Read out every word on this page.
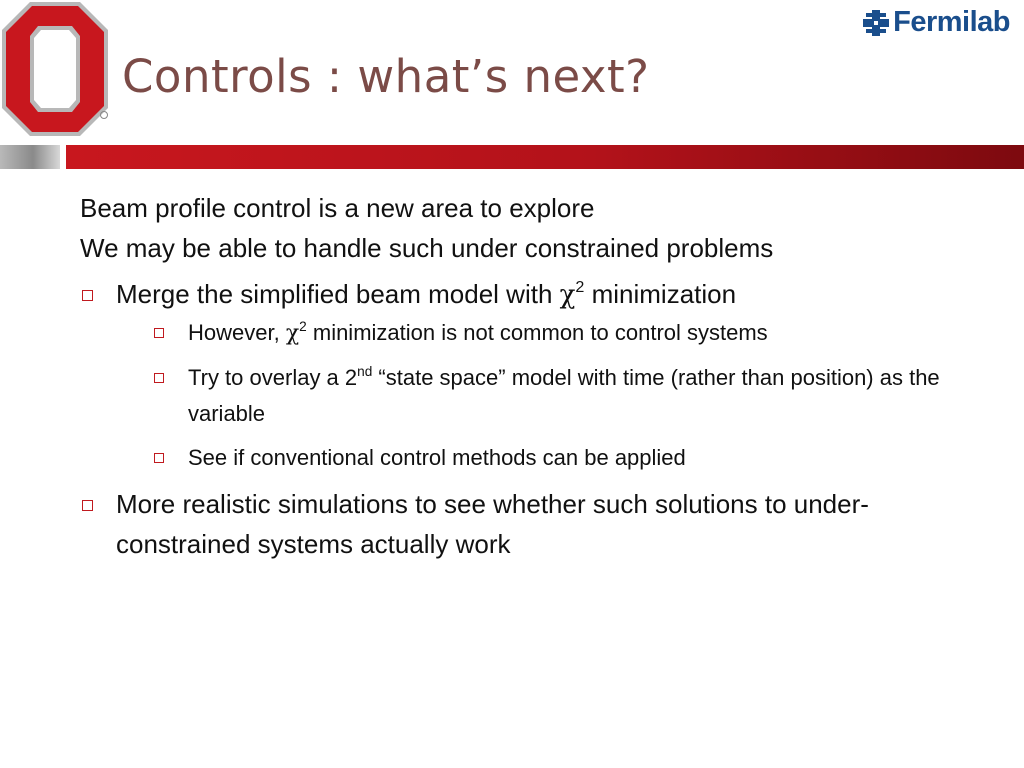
Fermilab
Controls : what’s next?

Beam profile control is a new area to explore

We may be able to handle such under constrained problems

Merge the simplified beam model with $\chi^2$ minimization
However, $\chi^2$ minimization is not common to control systems
Try to overlay a 2nd “state space” model with time (rather than position) as the variable
See if conventional control methods can be applied
More realistic simulations to see whether such solutions to under-constrained systems actually work
